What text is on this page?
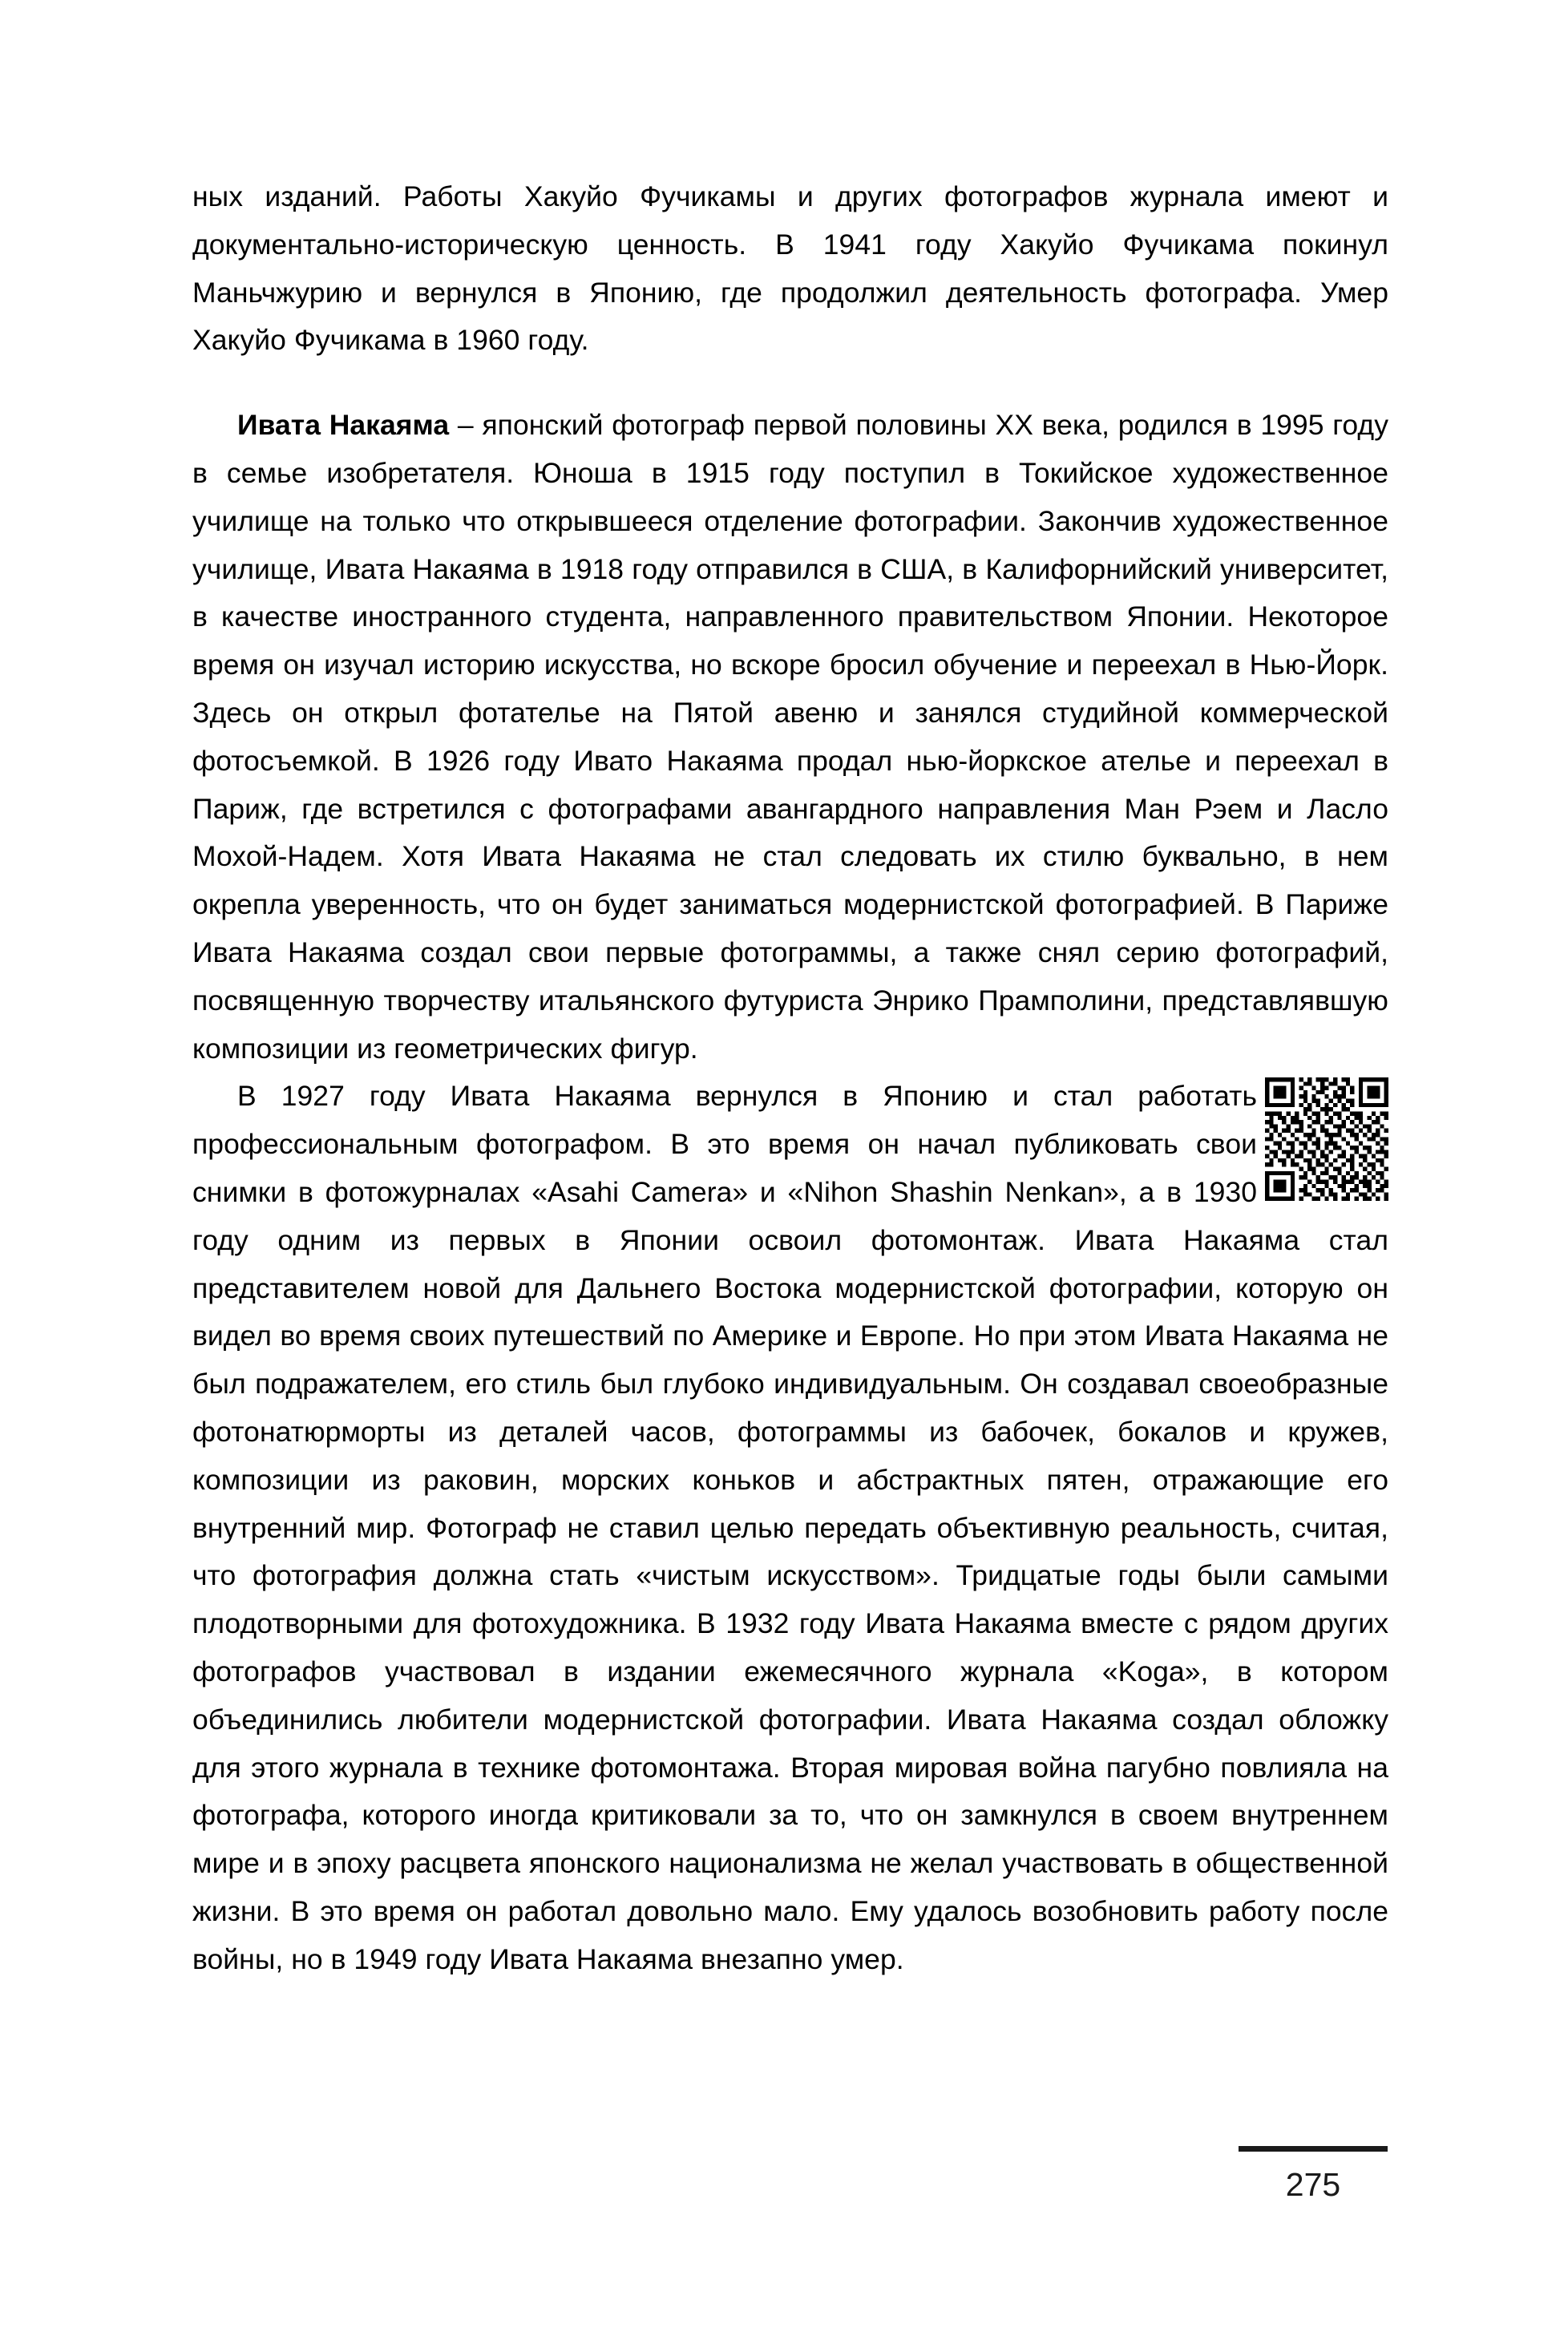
ных изданий. Работы Хакуйо Фучикамы и других фотографов журнала имеют и документально-историческую ценность. В 1941 году Хакуйо Фучикама покинул Маньчжурию и вернулся в Японию, где продолжил деятельность фотографа. Умер Хакуйо Фучикама в 1960 году.

Ивата Накаяма – японский фотограф первой половины ХХ века, родился в 1995 году в семье изобретателя. Юноша в 1915 году поступил в Токийское художественное училище на только что открывшееся отделение фотографии. Закончив художественное училище, Ивата Накаяма в 1918 году отправился в США, в Калифорнийский университет, в качестве иностранного студента, направленного правительством Японии. Некоторое время он изучал историю искусства, но вскоре бросил обучение и переехал в Нью-Йорк. Здесь он открыл фотателье на Пятой авеню и занялся студийной коммерческой фотосъемкой. В 1926 году Ивато Накаяма продал нью-йоркское ателье и переехал в Париж, где встретился с фотографами авангардного направления Ман Рэем и Ласло Мохой-Надем. Хотя Ивата Накаяма не стал следовать их стилю буквально, в нем окрепла уверенность, что он будет заниматься модернистской фотографией. В Париже Ивата Накаяма создал свои первые фотограммы, а также снял серию фотографий, посвященную творчеству итальянского футуриста Энрико Прамполини, представлявшую композиции из геометрических фигур.

В 1927 году Ивата Накаяма вернулся в Японию и стал работать профессиональным фотографом. В это время он начал публиковать свои снимки в фотожурналах «Asahi Camera» и «Nihon Shashin Nenkan», а в 1930 году одним из первых в Японии освоил фотомонтаж. Ивата Накаяма стал представителем новой для Дальнего Востока модернистской фотографии, которую он видел во время своих путешествий по Америке и Европе. Но при этом Ивата Накаяма не был подражателем, его стиль был глубоко индивидуальным. Он создавал своеобразные фотонатюрморты из деталей часов, фотограммы из бабочек, бокалов и кружев, композиции из раковин, морских коньков и абстрактных пятен, отражающие его внутренний мир. Фотограф не ставил целью передать объективную реальность, считая, что фотография должна стать «чистым искусством». Тридцатые годы были самыми плодотворными для фотохудожника. В 1932 году Ивата Накаяма вместе с рядом других фотографов участвовал в издании ежемесячного журнала «Koga», в котором объединились любители модернистской фотографии. Ивата Накаяма создал обложку для этого журнала в технике фотомонтажа. Вторая мировая война пагубно повлияла на фотографа, которого иногда критиковали за то, что он замкнулся в своем внутреннем мире и в эпоху расцвета японского национализма не желал участвовать в общественной жизни. В это время он работал довольно мало. Ему удалось возобновить работу после войны, но в 1949 году Ивата Накаяма внезапно умер.

275
